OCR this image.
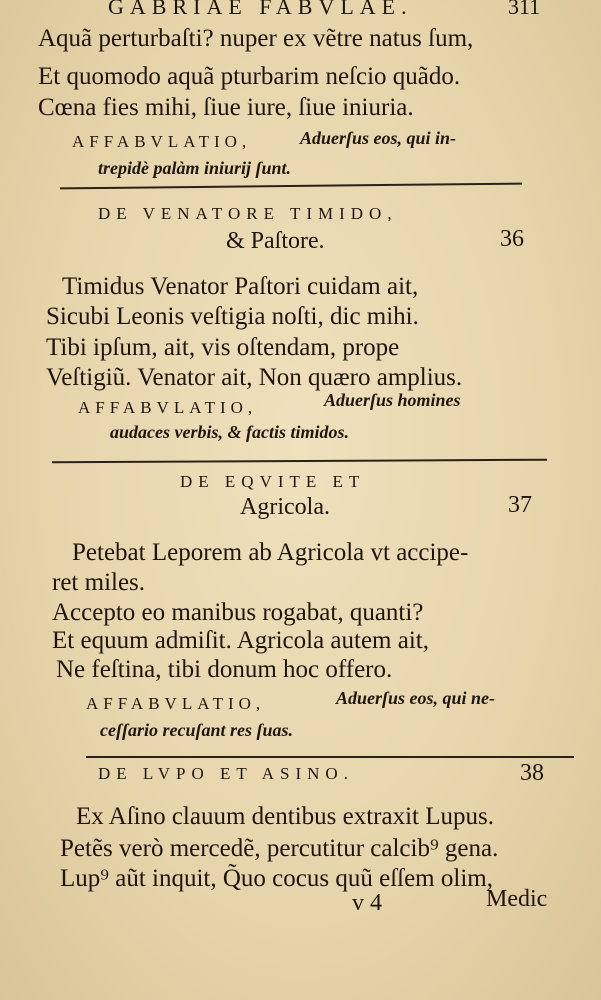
GABRIAE FABVLAE.	311
Aquã perturbaſti? nuper ex vẽtre natus ſum,
Et quomodo aquã pturbarim neſcio quãdo.
Cœna fies mihi, ſiue iure, ſiue iniuria.
AFFABVLATIO,	Aduerſus eos, qui in-
trepidè palàm iniurij ſunt.
DE VENATORE TIMIDO,
& Paſtore.	36
Timidus Venator Paſtori cuidam ait,
Sicubi Leonis veſtigia noſti, dic mihi.
Tibi ipſum, ait, vis oſtendam, prope
Veſtigiũ. Venator ait, Non quæro amplius.
AFFABVLATIO,	Aduerſus homines
audaces verbis, & factis timidos.
DE EQVITE ET
Agricola.	37
Petebat Leporem ab Agricola vt accipe-
ret miles.
Accepto eo manibus rogabat, quanti?
Et equum admiſit. Agricola autem ait,
Ne feſtina, tibi donum hoc offero.
AFFABVLATIO,	Aduerſus eos, qui ne-
ceſſario recuſant res ſuas.
DE LVPO ET ASINO.	38
Ex Aſino clauum dentibus extraxit Lupus.
Petẽs verò mercedẽ, percutitur calcib⁹ gena.
Lup⁹ aũt inquit, Q̃uo cocus quũ eſſem olim,
v 4	Medic
